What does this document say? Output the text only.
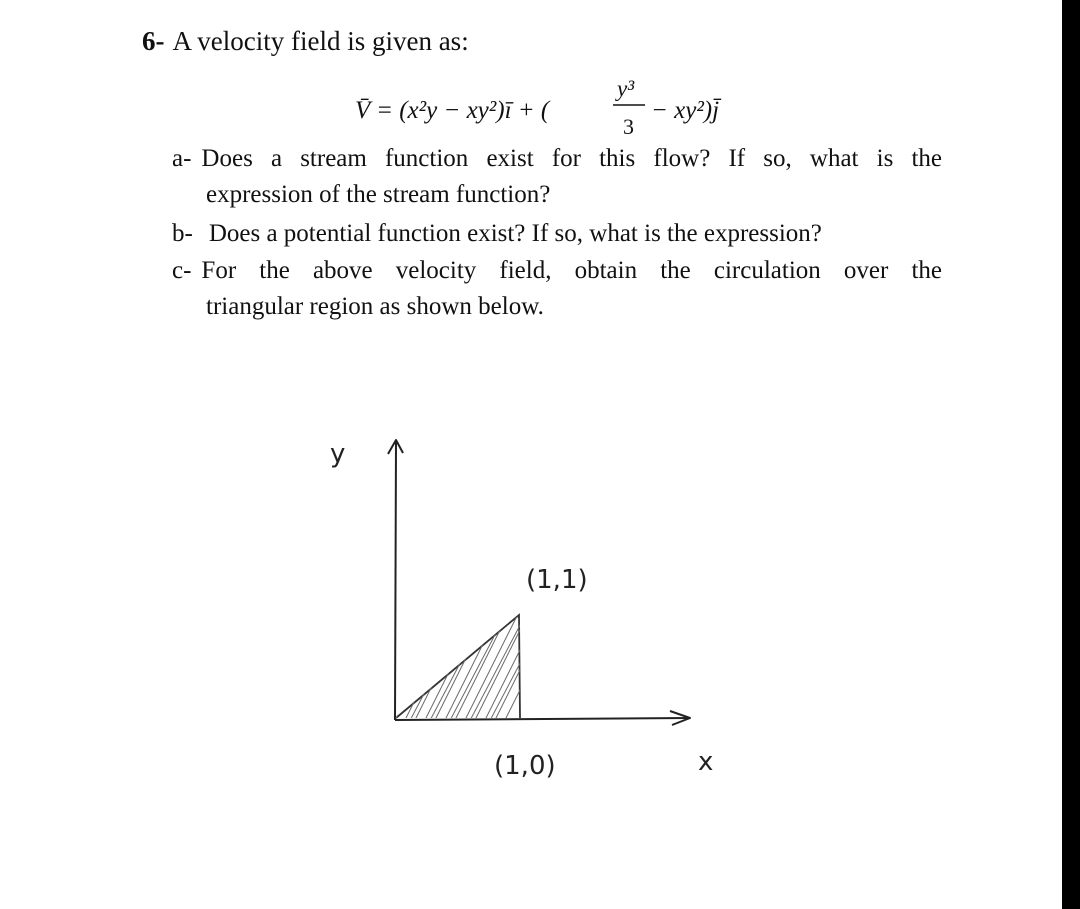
6- A velocity field is given as:
V̄ = (x²y − xy²)ī + (
y³
3
− xy²)j̄
a- Does a stream function exist for this flow? If so, what is the
expression of the stream function?
b- Does a potential function exist? If so, what is the expression?
c- For the above velocity field, obtain the circulation over the
triangular region as shown below.
y
x
(1,1)
(1,0)
